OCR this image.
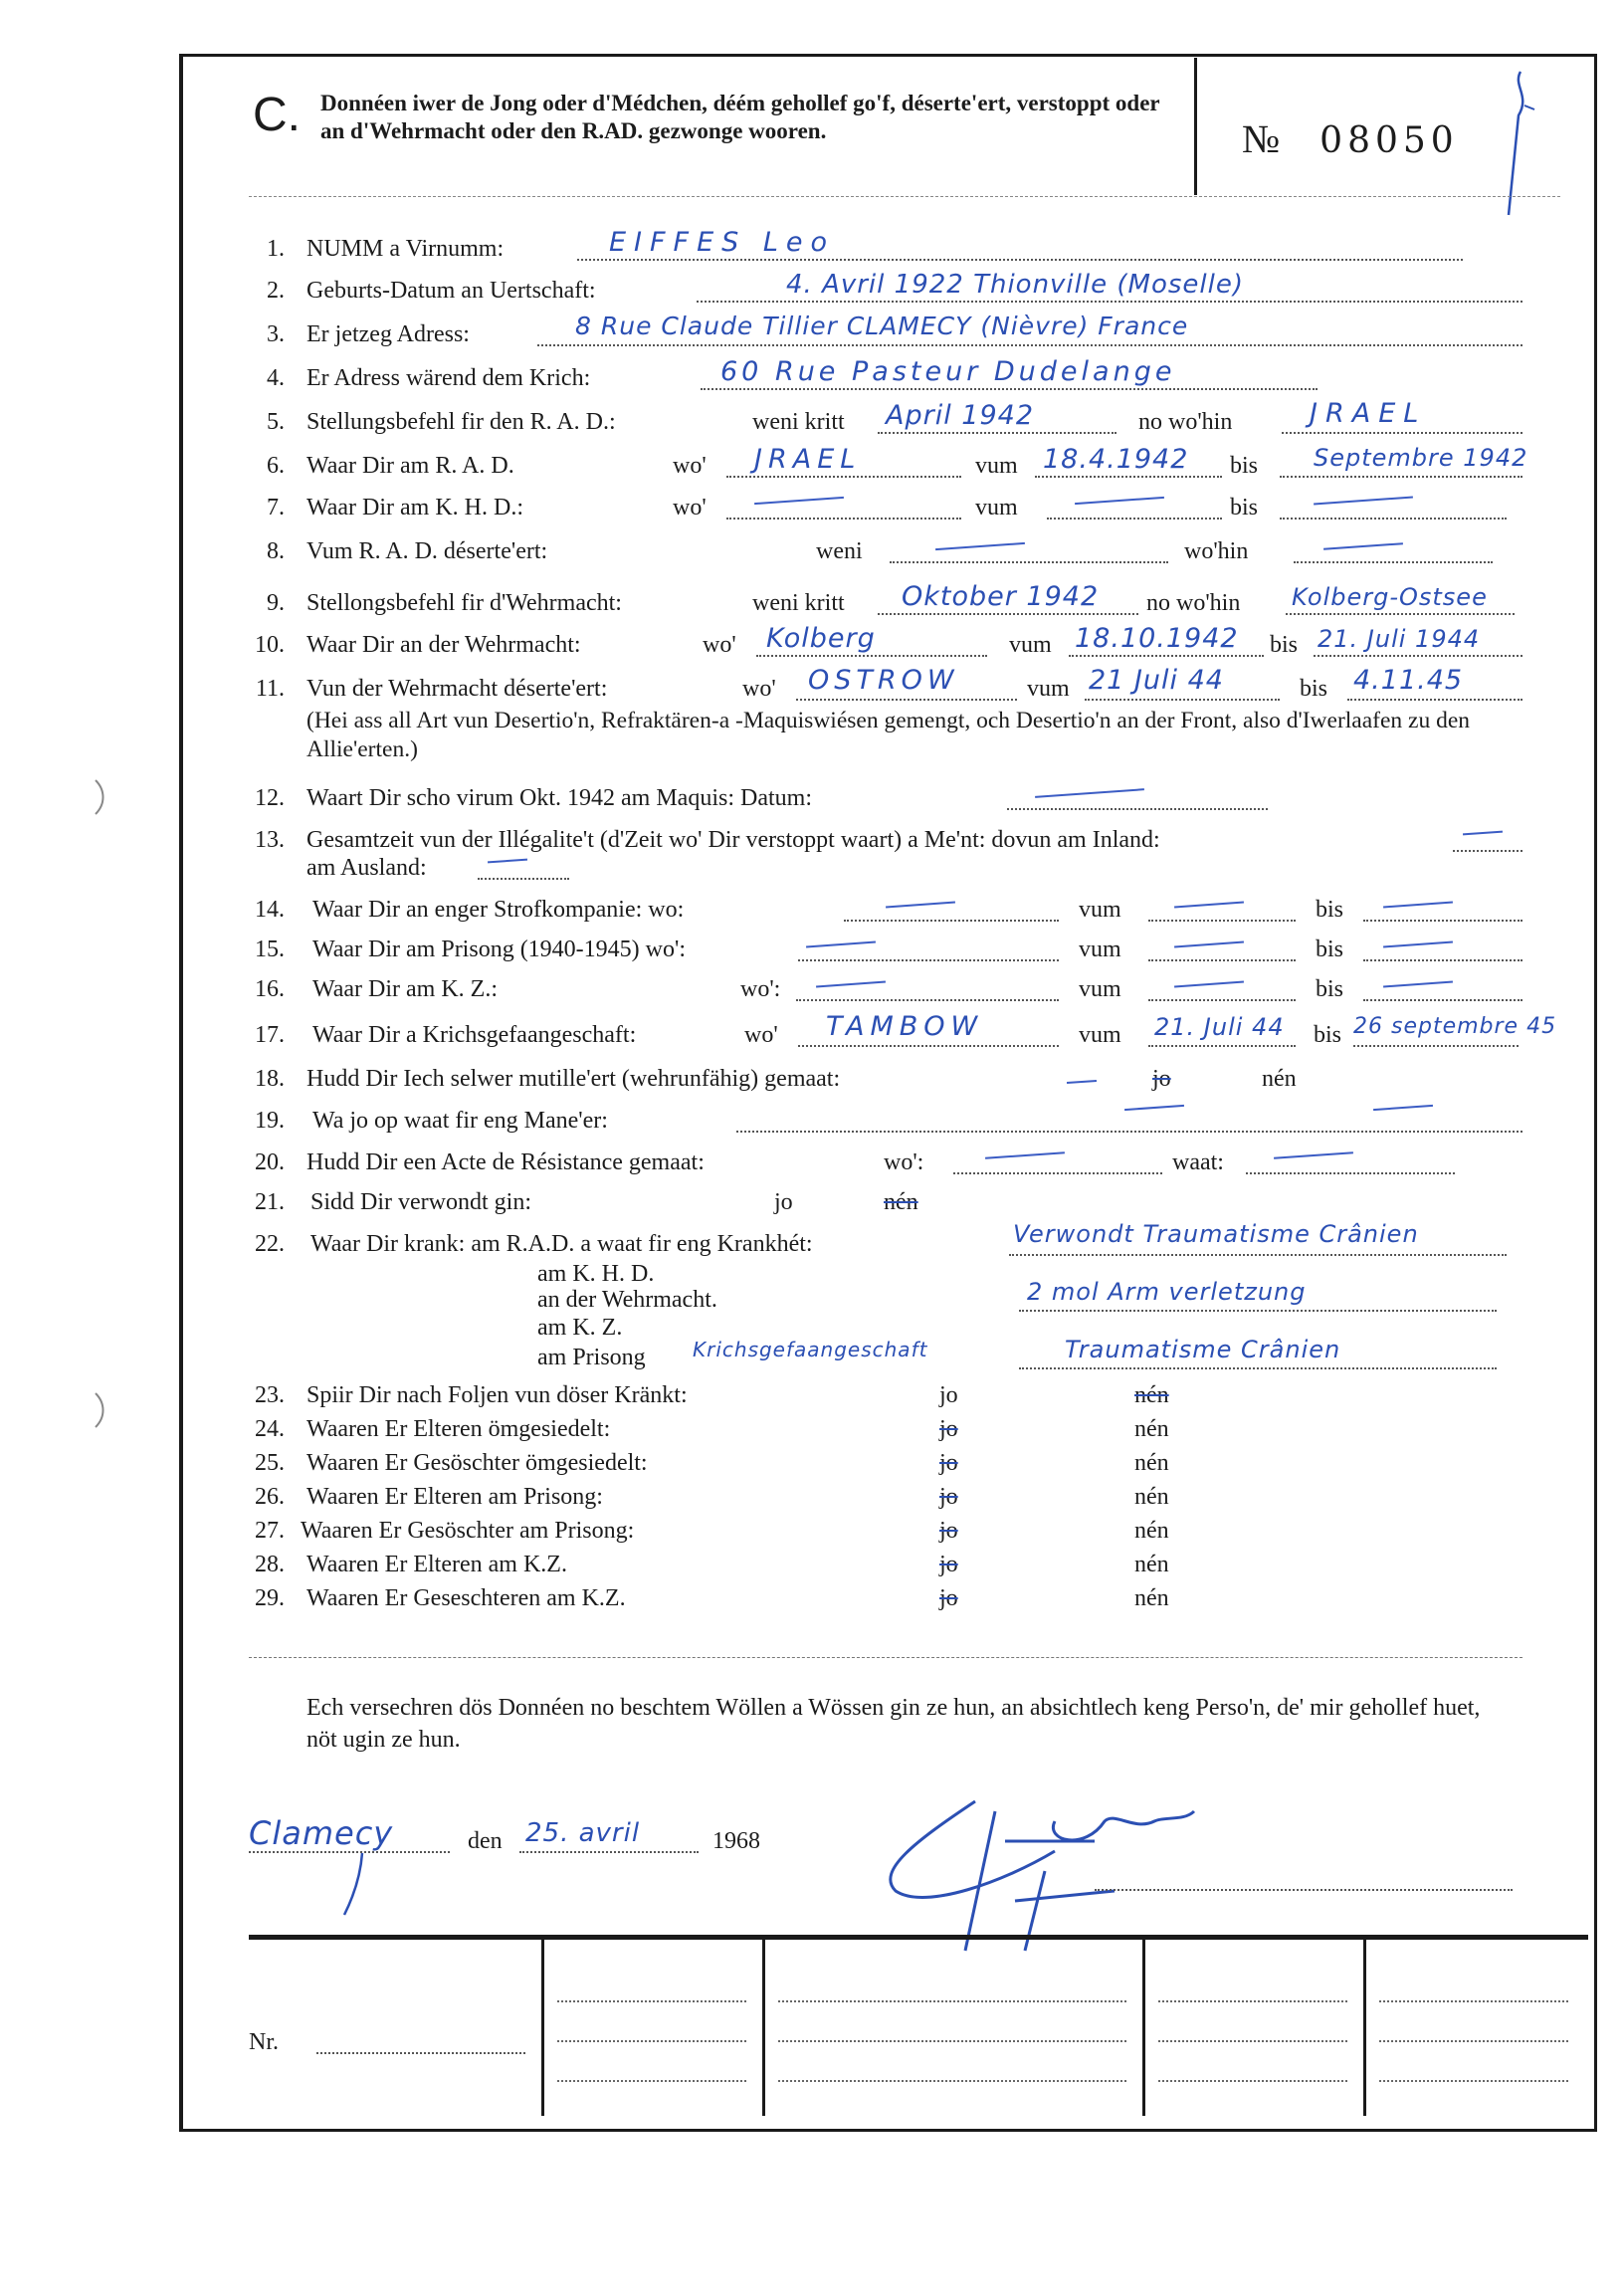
C. Donnéen iwer de Jong oder d'Médchen, déém gehollef go'f, déserte'ert, verstoppt oder an d'Wehrmacht oder den R.AD. gezwonge wooren.	№ 08050
1. NUMM a Virnumm:	EIFFES Leo
2. Geburts-Datum an Uertschaft:	4. Avril 1922 Thionville (Moselle)
3. Er jetzeg Adress:	8 Rue Claude Tillier CLAMECY (Nièvre) France
4. Er Adress wärend dem Krich:	60 Rue Pasteur Dudelange
5. Stellungsbefehl fir den R. A. D.:	weni kritt	no wo'hin
April 1942	JRAEL
6. Waar Dir am R. A. D.	wo'	vum	bis
JRAEL	18.4.1942	Septembre 1942
7. Waar Dir am K. H. D.:	wo'	vum	bis
8. Vum R. A. D. déserte'ert:	weni	wo'hin
9. Stellongsbefehl fir d'Wehrmacht:	weni kritt	no wo'hin
Oktober 1942	Kolberg-Ostsee
10. Waar Dir an der Wehrmacht:	wo'	vum	bis
Kolberg	18.10.1942	21. Juli 1944
11. Vun der Wehrmacht déserte'ert:	wo'	vum	bis
OSTROW	21 Juli 44	4.11.45
(Hei ass all Art vun Desertio'n, Refraktären-a -Maquiswiésen gemengt, och Desertio'n an der Front, also d'Iwerlaafen zu den Allie'erten.)
12. Waart Dir scho virum Okt. 1942 am Maquis: Datum:
13. Gesamtzeit vun der Illégalite't (d'Zeit wo' Dir verstoppt waart) a Me'nt: dovun am Inland:
am Ausland:
14. Waar Dir an enger Strofkompanie: wo:	vum	bis
15. Waar Dir am Prisong (1940-1945) wo':	vum	bis
16. Waar Dir am K. Z.:	wo':	vum	bis
17. Waar Dir a Krichsgefaangeschaft:	wo'	vum	bis
TAMBOW	21. Juli 44	26 septembre 45
18. Hudd Dir Iech selwer mutille'ert (wehrunfähig) gemaat:	jo	nén
19. Wa jo op waat fir eng Mane'er:
20. Hudd Dir een Acte de Résistance gemaat:	wo':	waat:
21. Sidd Dir verwondt gin:	jo	nén
22. Waar Dir krank: am R.A.D. a waat fir eng Krankhét:	Verwondt Traumatisme Crânien
am K. H. D.
an der Wehrmacht.	2 mol Arm verletzung
am K. Z.
am Prisong Krichsgefaangeschaft	Traumatisme Crânien
23. Spiir Dir nach Foljen vun döser Kränkt:	jo	nén
24. Waaren Er Elteren ömgesiedelt:	jo	nén
25. Waaren Er Gesöschter ömgesiedelt:	jo	nén
26. Waaren Er Elteren am Prisong:	jo	nén
27. Waaren Er Gesöschter am Prisong:	jo	nén
28. Waaren Er Elteren am K.Z.	jo	nén
29. Waaren Er Geseschteren am K.Z.	jo	nén
Ech versechren dös Donnéen no beschtem Wöllen a Wössen gin ze hun, an absichtlech keng Perso'n, de' mir gehollef huet, nöt ugin ze hun.
Clamecy	den	1968
25. avril
Nr.
